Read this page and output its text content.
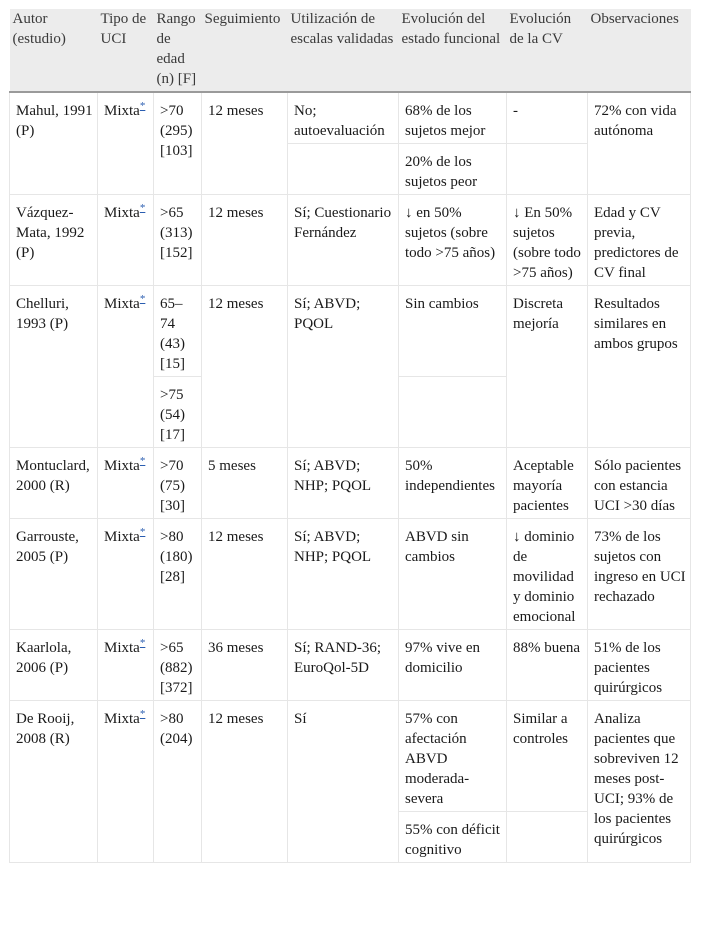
Autor (estudio)	Tipo de UCI	Rango de edad (n) [F]	Seguimiento	Utilización de escalas validadas	Evolución del estado funcional	Evolución de la CV	Observaciones
Mahul, 1991 (P)	Mixta*	>70 (295) [103]	12 meses	No; autoevaluación	68% de los sujetos mejor	-	72% con vida autónoma
					20% de los sujetos peor		
Vázquez-Mata, 1992 (P)	Mixta*	>65 (313) [152]	12 meses	Sí; Cuestionario Fernández	↓ en 50% sujetos (sobre todo >75 años)	↓ En 50% sujetos (sobre todo >75 años)	Edad y CV previa, predictores de CV final
Chelluri, 1993 (P)	Mixta*	65–74 (43) [15]	12 meses	Sí; ABVD; PQOL	Sin cambios	Discreta mejoría	Resultados similares en ambos grupos
		>75 (54) [17]					
Montuclard, 2000 (R)	Mixta*	>70 (75) [30]	5 meses	Sí; ABVD; NHP; PQOL	50% independientes	Aceptable mayoría pacientes	Sólo pacientes con estancia UCI >30 días
Garrouste, 2005 (P)	Mixta*	>80 (180) [28]	12 meses	Sí; ABVD; NHP; PQOL	ABVD sin cambios	↓ dominio de movilidad y dominio emocional	73% de los sujetos con ingreso en UCI rechazado
Kaarlola, 2006 (P)	Mixta*	>65 (882) [372]	36 meses	Sí; RAND-36; EuroQol-5D	97% vive en domicilio	88% buena	51% de los pacientes quirúrgicos
De Rooij, 2008 (R)	Mixta*	>80 (204)	12 meses	Sí	57% con afectación ABVD moderada-severa	Similar a controles	Analiza pacientes que sobreviven 12 meses post-UCI; 93% de los pacientes quirúrgicos
					55% con déficit cognitivo		
